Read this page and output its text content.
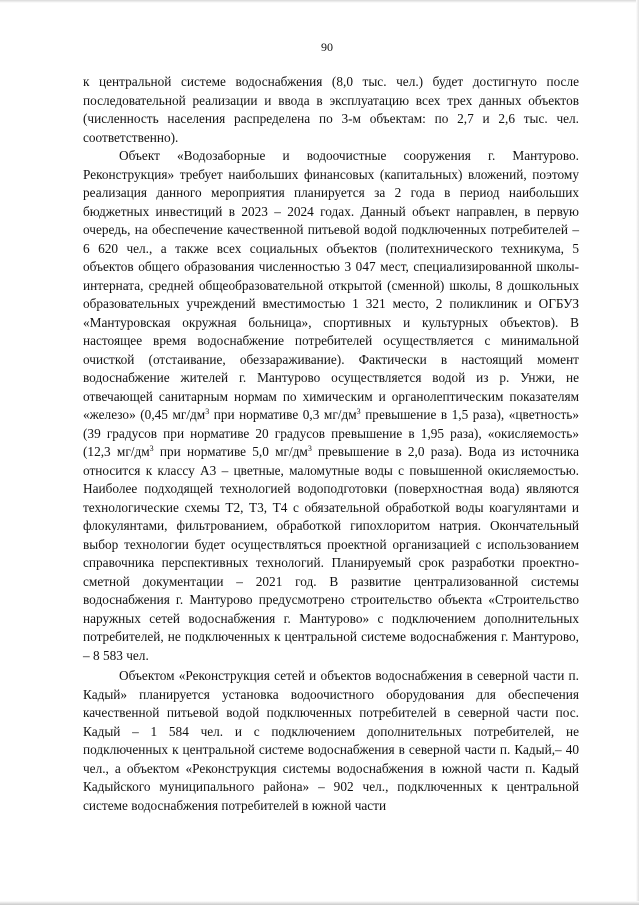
90

к центральной системе водоснабжения (8,0 тыс. чел.) будет достигнуто после последовательной реализации и ввода в эксплуатацию всех трех данных объектов (численность населения распределена по 3-м объектам: по 2,7 и 2,6 тыс. чел. соответственно).

Объект «Водозаборные и водоочистные сооружения г. Мантурово. Реконструкция» требует наибольших финансовых (капитальных) вложений, поэтому реализация данного мероприятия планируется за 2 года в период наибольших бюджетных инвестиций в 2023 – 2024 годах. Данный объект направлен, в первую очередь, на обеспечение качественной питьевой водой подключенных потребителей – 6 620 чел., а также всех социальных объектов (политехнического техникума, 5 объектов общего образования численностью 3 047 мест, специализированной школы-интерната, средней общеобразовательной открытой (сменной) школы, 8 дошкольных образовательных учреждений вместимостью 1 321 место, 2 поликлиник и ОГБУЗ «Мантуровская окружная больница», спортивных и культурных объектов). В настоящее время водоснабжение потребителей осуществляется с минимальной очисткой (отстаивание, обеззараживание). Фактически в настоящий момент водоснабжение жителей г. Мантурово осуществляется водой из р. Унжи, не отвечающей санитарным нормам по химическим и органолептическим показателям «железо» (0,45 $мг/дм^3$ при нормативе 0,3 $мг/дм^3$ превышение в 1,5 раза), «цветность» (39 градусов при нормативе 20 градусов превышение в 1,95 раза), «окисляемость» (12,3 $мг/дм^3$ при нормативе 5,0 $мг/дм^3$ превышение в 2,0 раза). Вода из источника относится к классу А3 – цветные, маломутные воды с повышенной окисляемостью. Наиболее подходящей технологией водоподготовки (поверхностная вода) являются технологические схемы Т2, Т3, Т4 с обязательной обработкой воды коагулянтами и флокулянтами, фильтрованием, обработкой гипохлоритом натрия. Окончательный выбор технологии будет осуществляться проектной организацией с использованием справочника перспективных технологий. Планируемый срок разработки проектно-сметной документации – 2021 год. В развитие централизованной системы водоснабжения г. Мантурово предусмотрено строительство объекта «Строительство наружных сетей водоснабжения г. Мантурово» с подключением дополнительных потребителей, не подключенных к центральной системе водоснабжения г. Мантурово, – 8 583 чел.

Объектом «Реконструкция сетей и объектов водоснабжения в северной части п. Кадый» планируется установка водоочистного оборудования для обеспечения качественной питьевой водой подключенных потребителей в северной части пос. Кадый – 1 584 чел. и с подключением дополнительных потребителей, не подключенных к центральной системе водоснабжения в северной части п. Кадый,– 40 чел., а объектом «Реконструкция системы водоснабжения в южной части п. Кадый Кадыйского муниципального района» – 902 чел., подключенных к центральной системе водоснабжения потребителей в южной части
